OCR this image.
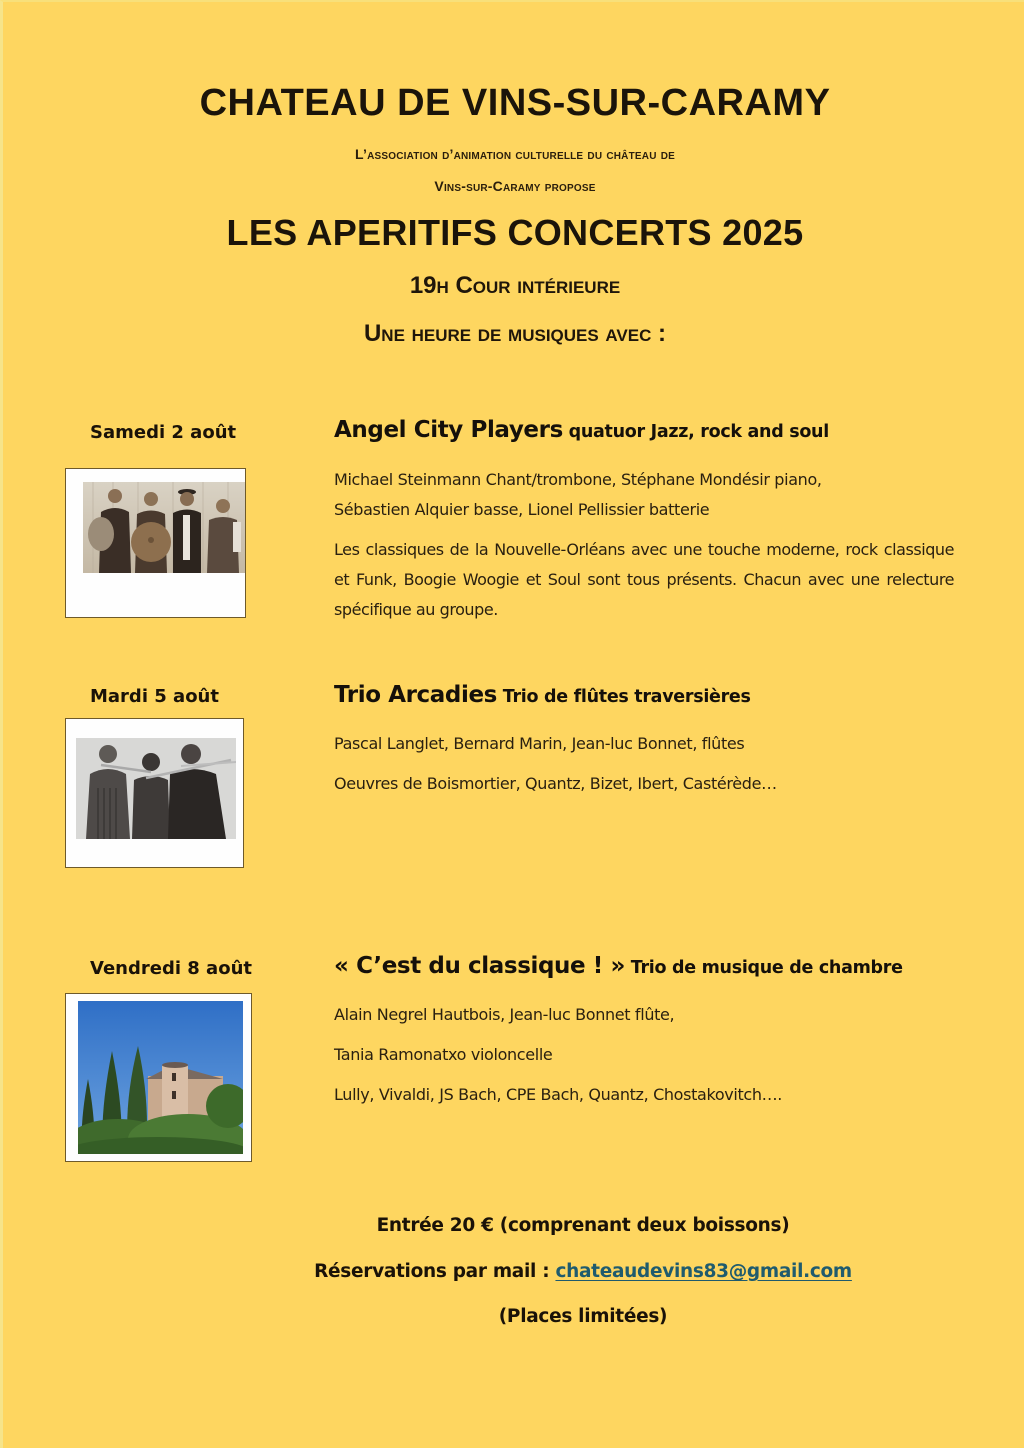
CHATEAU DE VINS-SUR-CARAMY
L’association d’animation culturelle du château de
Vins-sur-Caramy propose
LES APERITIFS CONCERTS 2025
19h Cour intérieure
Une heure de musiques avec :
Samedi 2 août	Angel City Players quatuor Jazz, rock and soul
Michael Steinmann Chant/trombone, Stéphane Mondésir piano,
Sébastien Alquier basse, Lionel Pellissier batterie
Les classiques de la Nouvelle-Orléans avec une touche moderne, rock classique et Funk, Boogie Woogie et Soul sont tous présents. Chacun avec une relecture spécifique au groupe.
Mardi 5 août	Trio Arcadies Trio de flûtes traversières
Pascal Langlet, Bernard Marin, Jean-luc Bonnet, flûtes
Oeuvres de Boismortier, Quantz, Bizet, Ibert, Castérède…
Vendredi 8 août	« C’est du classique ! » Trio de musique de chambre
Alain Negrel Hautbois, Jean-luc Bonnet flûte,
Tania Ramonatxo violoncelle
Lully, Vivaldi, JS Bach, CPE Bach, Quantz, Chostakovitch….
Entrée 20 € (comprenant deux boissons)
Réservations par mail : chateaudevins83@gmail.com
(Places limitées)
